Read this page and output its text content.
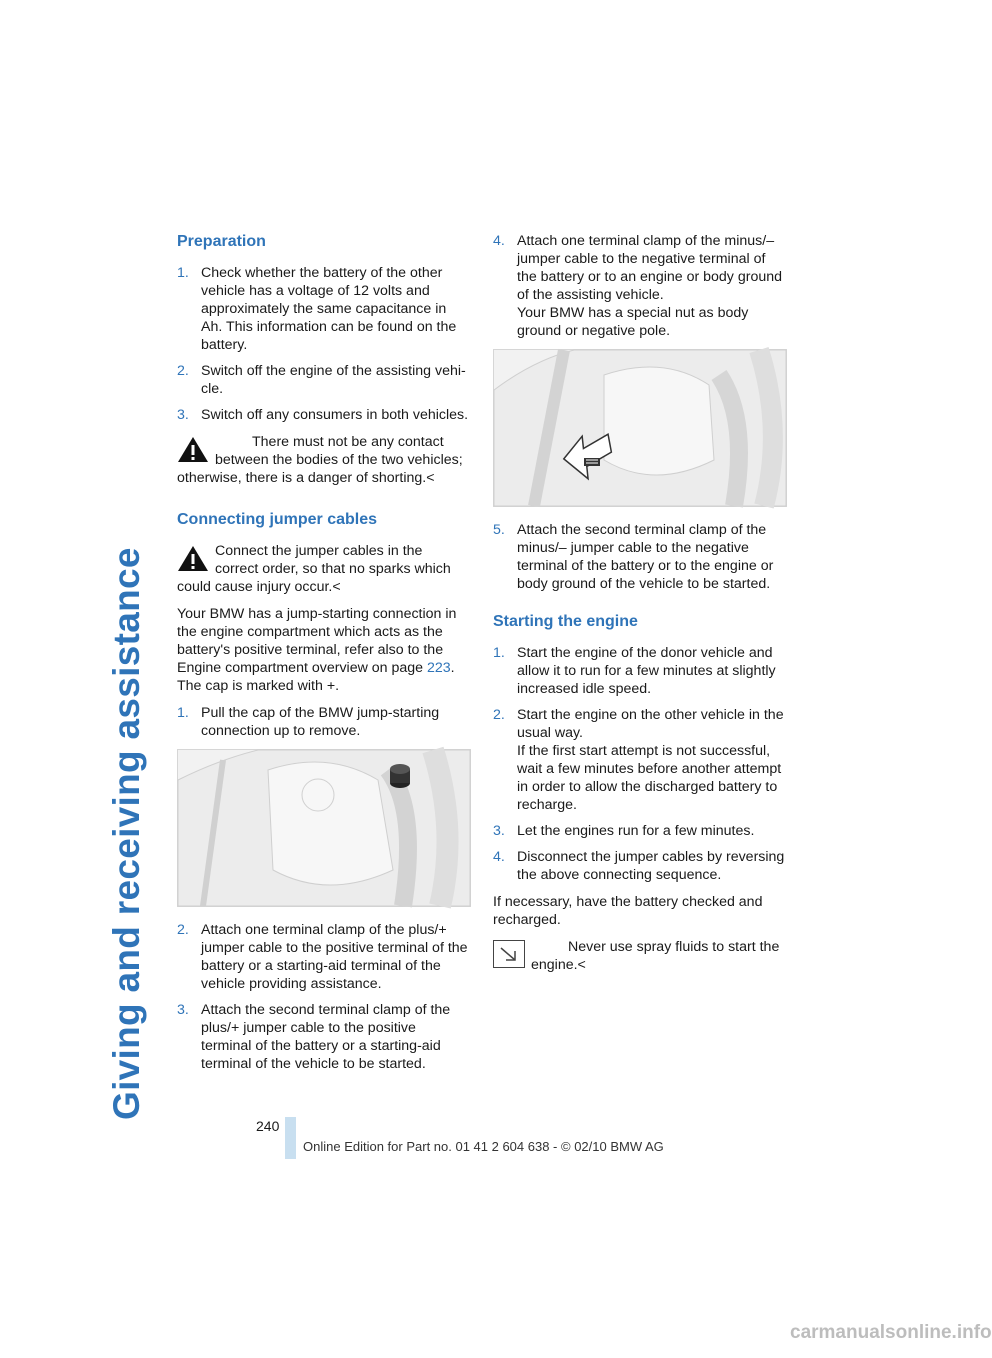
Giving and receiving assistance
Preparation
1. Check whether the battery of the other vehicle has a voltage of 12 volts and approximately the same capacitance in Ah. This information can be found on the battery.
2. Switch off the engine of the assisting vehicle.
3. Switch off any consumers in both vehicles.
There must not be any contact between the bodies of the two vehicles; otherwise, there is a danger of shorting.<
Connecting jumper cables
Connect the jumper cables in the correct order, so that no sparks which could cause injury occur.<

Your BMW has a jump-starting connection in the engine compartment which acts as the battery's positive terminal, refer also to the Engine compartment overview on page 223. The cap is marked with +.

1. Pull the cap of the BMW jump-starting connection up to remove.
2. Attach one terminal clamp of the plus/+ jumper cable to the positive terminal of the battery or a starting-aid terminal of the vehicle providing assistance.
3. Attach the second terminal clamp of the plus/+ jumper cable to the positive terminal of the battery or a starting-aid terminal of the vehicle to be started.
4. Attach one terminal clamp of the minus/– jumper cable to the negative terminal of the battery or to an engine or body ground of the assisting vehicle.
Your BMW has a special nut as body ground or negative pole.
5. Attach the second terminal clamp of the minus/– jumper cable to the negative terminal of the battery or to the engine or body ground of the vehicle to be started.
Starting the engine
1. Start the engine of the donor vehicle and allow it to run for a few minutes at slightly increased idle speed.
2. Start the engine on the other vehicle in the usual way.
If the first start attempt is not successful, wait a few minutes before another attempt in order to allow the discharged battery to recharge.
3. Let the engines run for a few minutes.
4. Disconnect the jumper cables by reversing the above connecting sequence.

If necessary, have the battery checked and recharged.

Never use spray fluids to start the engine.<
240
Online Edition for Part no. 01 41 2 604 638 - © 02/10 BMW AG
carmanualsonline.info
